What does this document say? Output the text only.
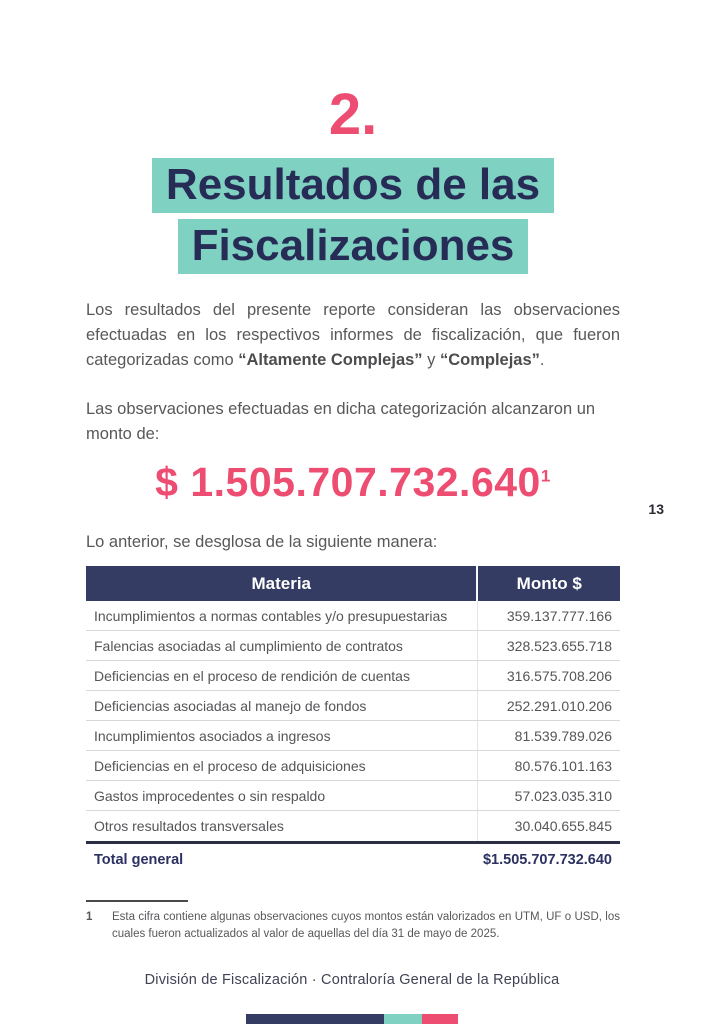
2.
Resultados de las
Fiscalizaciones

Los resultados del presente reporte consideran las observaciones efectuadas en los respectivos informes de fiscalización, que fueron categorizadas como “Altamente Complejas” y “Complejas”.

Las observaciones efectuadas en dicha categorización alcanzaron un monto de:

$ 1.505.707.732.640$^1$

Lo anterior, se desglosa de la siguiente manera:

Materia	Monto $
Incumplimientos a normas contables y/o presupuestarias	359.137.777.166
Falencias asociadas al cumplimiento de contratos	328.523.655.718
Deficiencias en el proceso de rendición de cuentas	316.575.708.206
Deficiencias asociadas al manejo de fondos	252.291.010.206
Incumplimientos asociados a ingresos	81.539.789.026
Deficiencias en el proceso de adquisiciones	80.576.101.163
Gastos improcedentes o sin respaldo	57.023.035.310
Otros resultados transversales	30.040.655.845
Total general	$1.505.707.732.640
1	Esta cifra contiene algunas observaciones cuyos montos están valorizados en UTM, UF o USD, los cuales fueron actualizados al valor de aquellas del día 31 de mayo de 2025.
13
División de Fiscalización · Contraloría General de la República
